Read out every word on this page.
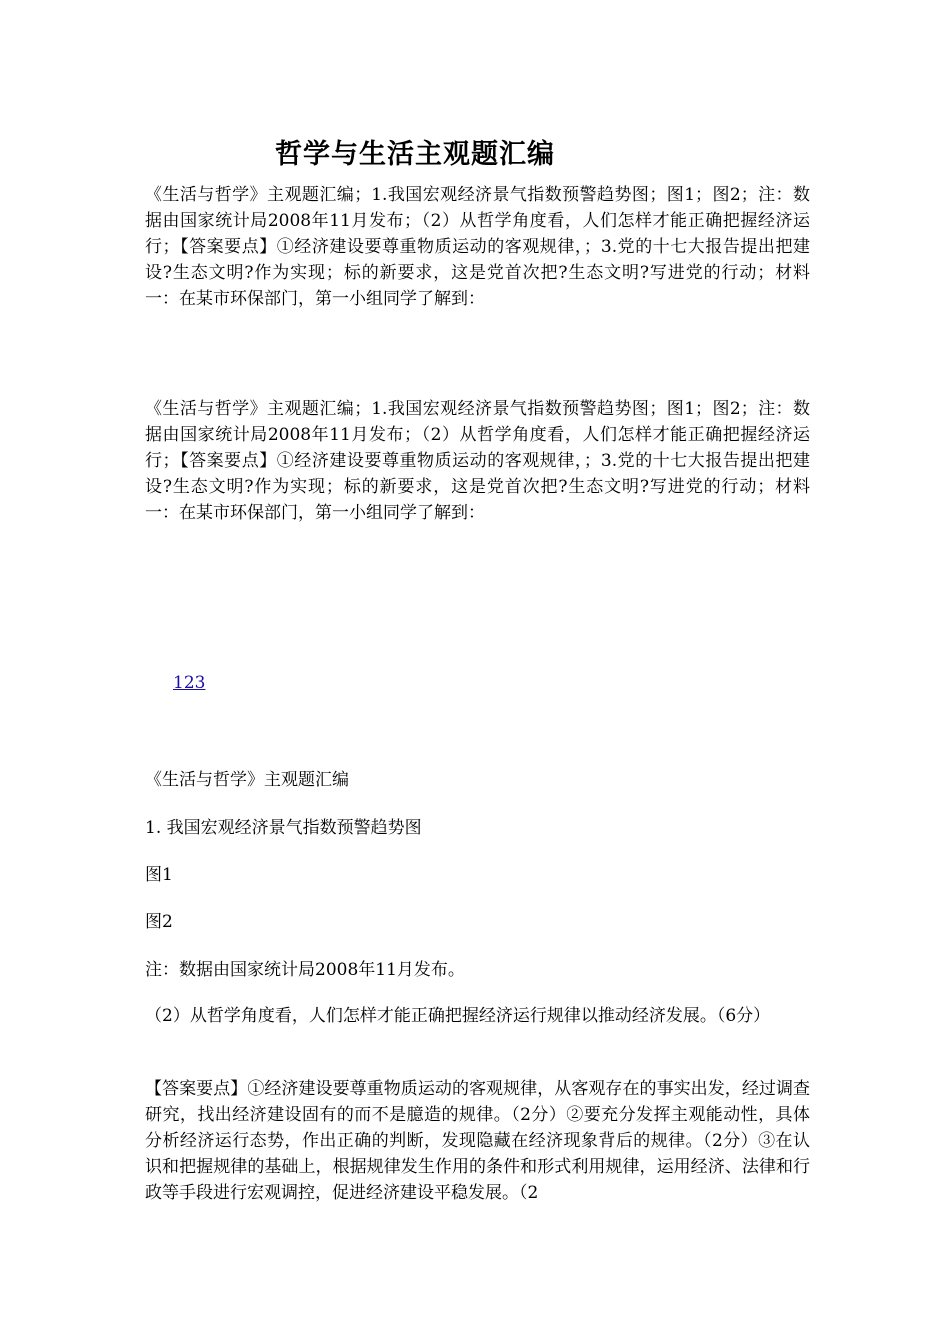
哲学与生活主观题汇编
《生活与哲学》主观题汇编；1.我国宏观经济景气指数预警趋势图；图1；图2；注：数据由国家统计局2008年11月发布；（2）从哲学角度看，人们怎样才能正确把握经济运行；【答案要点】①经济建设要尊重物质运动的客观规律，；3.党的十七大报告提出把建设?生态文明?作为实现；标的新要求，这是党首次把?生态文明?写进党的行动；材料一：在某市环保部门，第一小组同学了解到：
《生活与哲学》主观题汇编；1.我国宏观经济景气指数预警趋势图；图1；图2；注：数据由国家统计局2008年11月发布；（2）从哲学角度看，人们怎样才能正确把握经济运行；【答案要点】①经济建设要尊重物质运动的客观规律，；3.党的十七大报告提出把建设?生态文明?作为实现；标的新要求，这是党首次把?生态文明?写进党的行动；材料一：在某市环保部门，第一小组同学了解到：
123
《生活与哲学》主观题汇编
1. 我国宏观经济景气指数预警趋势图
图1
图2
注：数据由国家统计局2008年11月发布。
（2）从哲学角度看，人们怎样才能正确把握经济运行规律以推动经济发展。（6分）
【答案要点】①经济建设要尊重物质运动的客观规律，从客观存在的事实出发，经过调查研究，找出经济建设固有的而不是臆造的规律。（2分）②要充分发挥主观能动性，具体分析经济运行态势，作出正确的判断，发现隐藏在经济现象背后的规律。（2分）③在认识和把握规律的基础上，根据规律发生作用的条件和形式利用规律，运用经济、法律和行政等手段进行宏观调控，促进经济建设平稳发展。（2
